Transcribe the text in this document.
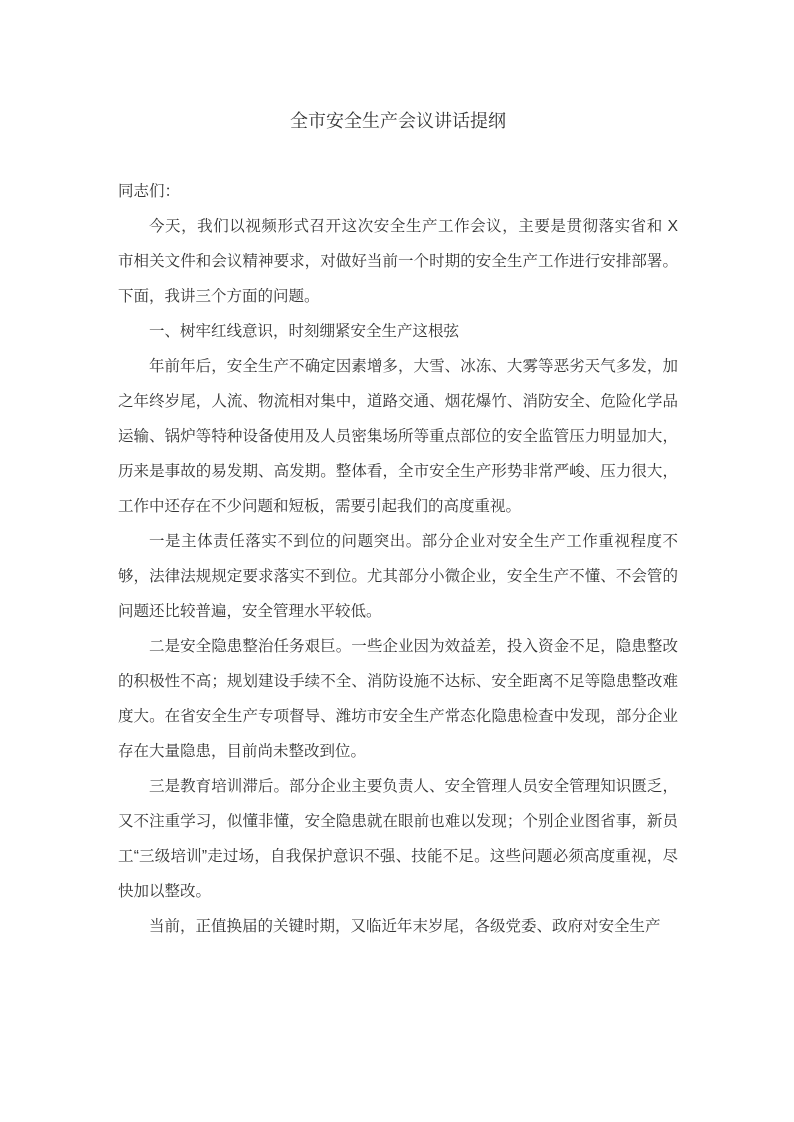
全市安全生产会议讲话提纲

同志们：

今天，我们以视频形式召开这次安全生产工作会议，主要是贯彻落实省和 X 市相关文件和会议精神要求，对做好当前一个时期的安全生产工作进行安排部署。下面，我讲三个方面的问题。

一、树牢红线意识，时刻绷紧安全生产这根弦

年前年后，安全生产不确定因素增多，大雪、冰冻、大雾等恶劣天气多发，加之年终岁尾，人流、物流相对集中，道路交通、烟花爆竹、消防安全、危险化学品运输、锅炉等特种设备使用及人员密集场所等重点部位的安全监管压力明显加大，历来是事故的易发期、高发期。整体看，全市安全生产形势非常严峻、压力很大，工作中还存在不少问题和短板，需要引起我们的高度重视。

一是主体责任落实不到位的问题突出。部分企业对安全生产工作重视程度不够，法律法规规定要求落实不到位。尤其部分小微企业，安全生产不懂、不会管的问题还比较普遍，安全管理水平较低。

二是安全隐患整治任务艰巨。一些企业因为效益差，投入资金不足，隐患整改的积极性不高；规划建设手续不全、消防设施不达标、安全距离不足等隐患整改难度大。在省安全生产专项督导、潍坊市安全生产常态化隐患检查中发现，部分企业存在大量隐患，目前尚未整改到位。

三是教育培训滞后。部分企业主要负责人、安全管理人员安全管理知识匮乏，又不注重学习，似懂非懂，安全隐患就在眼前也难以发现；个别企业图省事，新员工“三级培训”走过场，自我保护意识不强、技能不足。这些问题必须高度重视，尽快加以整改。

当前，正值换届的关键时期，又临近年末岁尾，各级党委、政府对安全生产
